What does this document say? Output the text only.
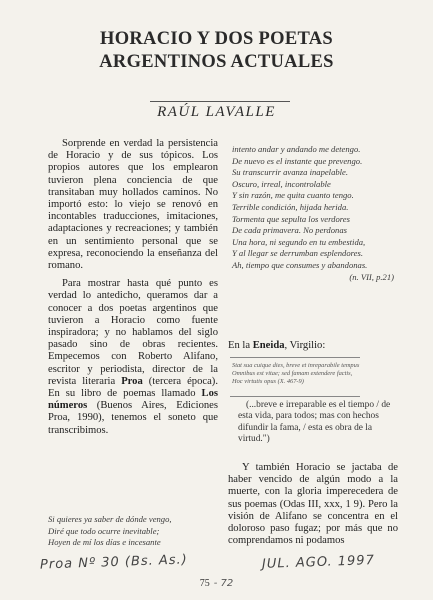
HORACIO Y DOS POETAS
ARGENTINOS ACTUALES
RAÚL LAVALLE

Sorprende en verdad la persistencia de Horacio y de sus tópicos. Los propios autores que los emplearon tuvieron plena conciencia de que transitaban muy hollados caminos. No importó esto: lo viejo se renovó en incontables traducciones, imitaciones, adaptaciones y recreaciones; y también en un sentimiento personal que se expresa, reconociendo la enseñanza del romano.

Para mostrar hasta qué punto es verdad lo antedicho, queramos dar a conocer a dos poetas argentinos que tuvieron a Horacio como fuente inspiradora; y no hablamos del siglo pasado sino de obras recientes. Empecemos con Roberto Alifano, escritor y periodista, director de la revista literaria Proa (tercera época). En su libro de poemas llamado Los números (Buenos Aires, Ediciones Proa, 1990), tenemos el soneto que transcribimos.

Si quieres ya saber de dónde vengo,
Diré que todo ocurre inevitable;
Hoyen de mí los días e incesante
intento andar y andando me detengo.
De nuevo es el instante que prevengo.
Su transcurrir avanza inapelable.
Oscuro, irreal, incontrolable
Y sin razón, me quita cuanto tengo.
Terrible condición, hijada herida.
Tormenta que sepulta los verdores
De cada primavera. No perdonas
Una hora, ni segundo en tu embestida,
Y al llegar se derrumban esplendores.
Ah, tiempo que consumes y abandonas.
(n. VII, p.21)
En la Eneida, Virgilio:
Stat sua cuique dies, breve et inreparabile tempus
Omnibus est vitae; sed famam extendere factis,
Hoc virtutis opus (X. 467-9)

(...breve e irreparable es el tiempo / de esta vida, para todos; mas con hechos difundir la fama, / esta es obra de la virtud.")

Y también Horacio se jactaba de haber vencido de algún modo a la muerte, con la gloria imperecedera de sus poemas (Odas III, xxx, 1 9). Pero la visión de Alifano se concentra en el doloroso paso fugaz; por más que no comprendamos ni podamos

Proa Nº 30 (Bs. As.)	JUL. AGO. 1997
75 - 72
